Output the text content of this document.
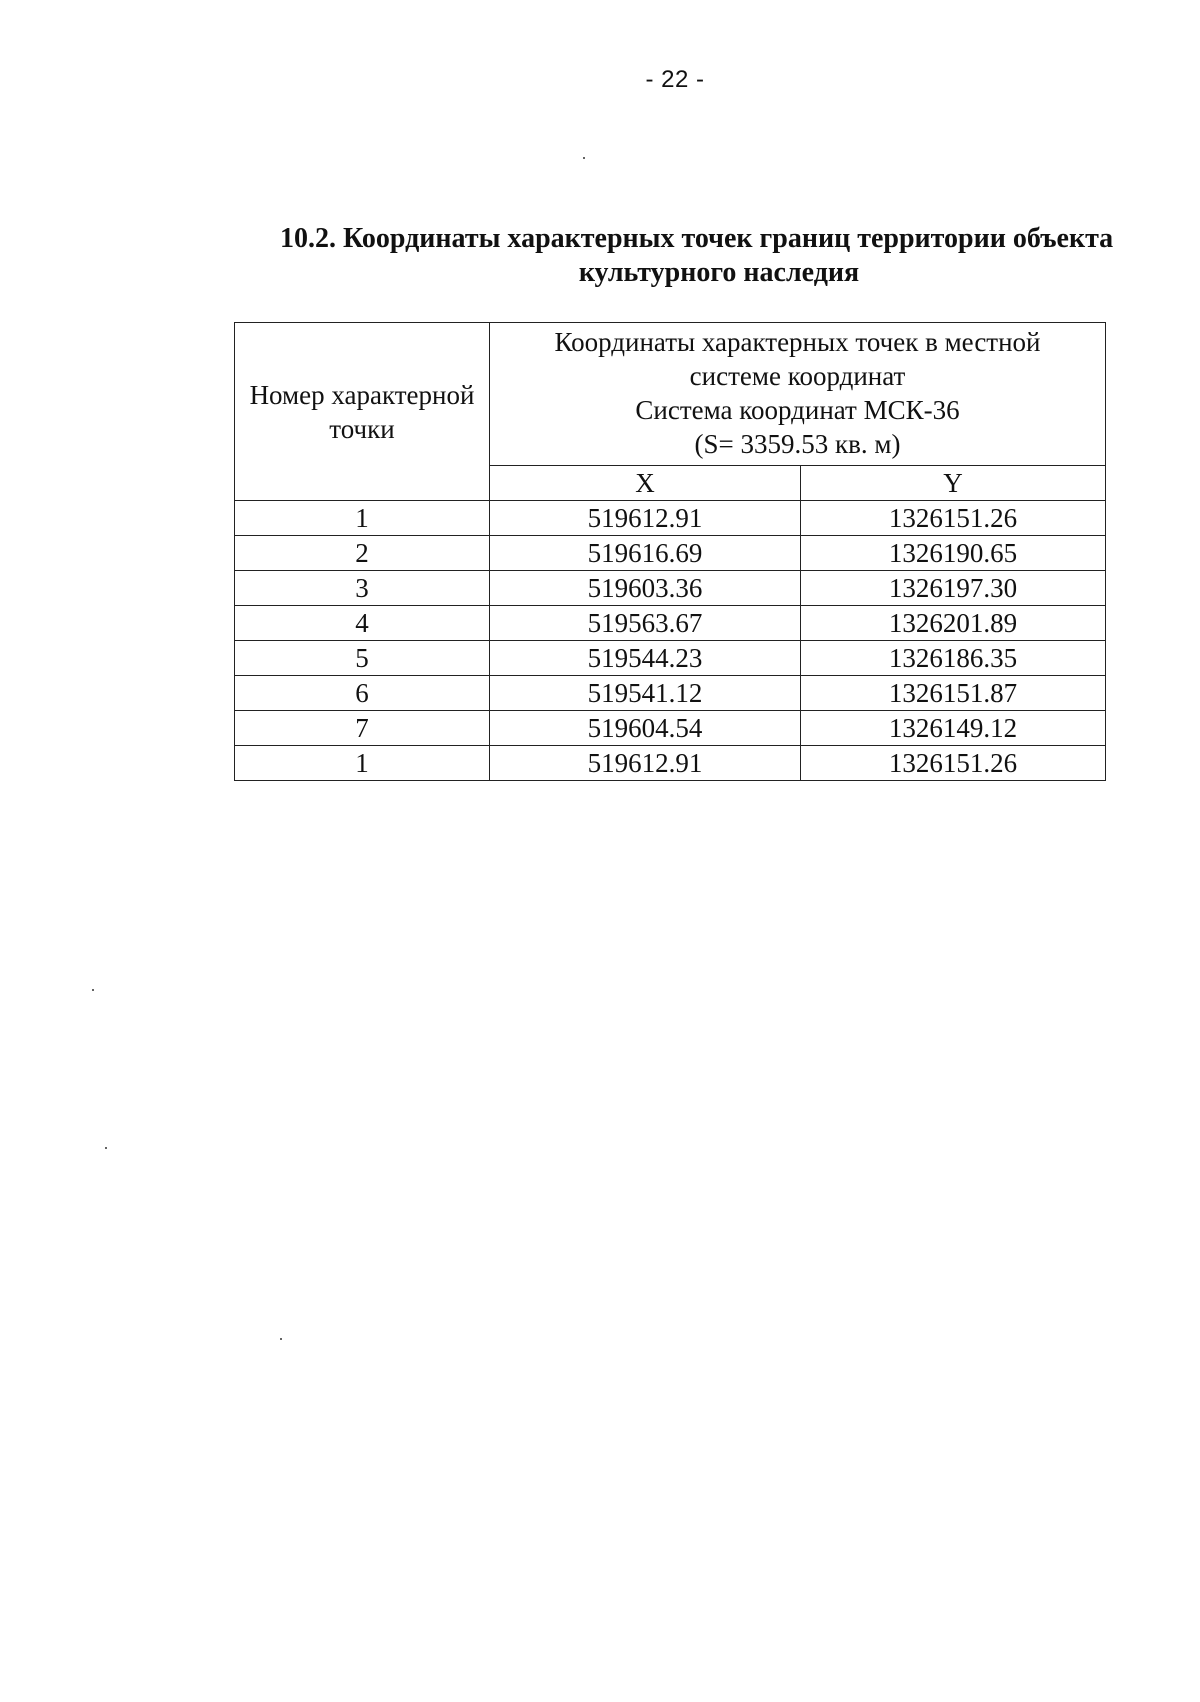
- 22 -
10.2. Координаты характерных точек границ территории объекта
культурного наследия
Номер характерной точки	Координаты характерных точек в местной
системе координат
Система координат МСК-36
(S= 3359.53 кв. м)	

	X	Y
1	519612.91	1326151.26
2	519616.69	1326190.65
3	519603.36	1326197.30
4	519563.67	1326201.89
5	519544.23	1326186.35
6	519541.12	1326151.87
7	519604.54	1326149.12
1	519612.91	1326151.26
